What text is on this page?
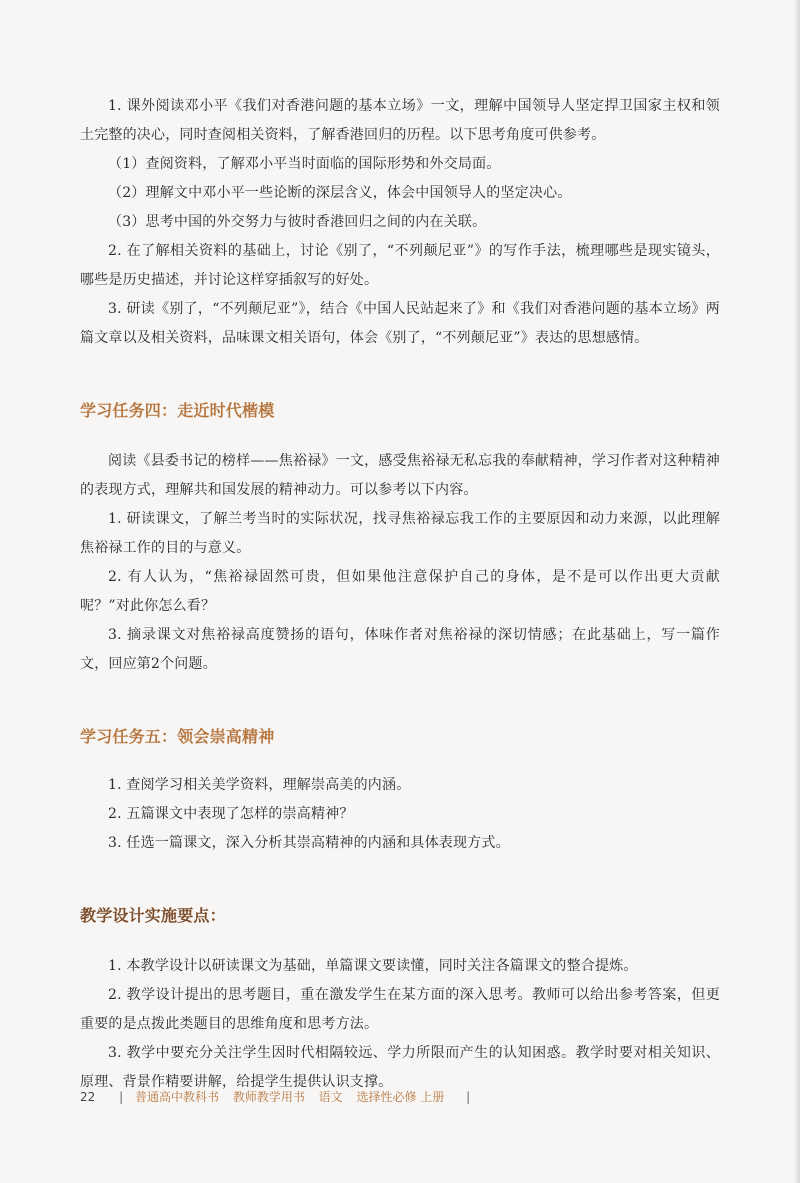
1. 课外阅读邓小平《我们对香港问题的基本立场》一文，理解中国领导人坚定捍卫国家主权和领土完整的决心，同时查阅相关资料，了解香港回归的历程。以下思考角度可供参考。

（1）查阅资料，了解邓小平当时面临的国际形势和外交局面。

（2）理解文中邓小平一些论断的深层含义，体会中国领导人的坚定决心。

（3）思考中国的外交努力与彼时香港回归之间的内在关联。

2. 在了解相关资料的基础上，讨论《别了，“不列颠尼亚”》的写作手法，梳理哪些是现实镜头，哪些是历史描述，并讨论这样穿插叙写的好处。

3. 研读《别了，“不列颠尼亚”》，结合《中国人民站起来了》和《我们对香港问题的基本立场》两篇文章以及相关资料，品味课文相关语句，体会《别了，“不列颠尼亚”》表达的思想感情。

学习任务四：走近时代楷模

阅读《县委书记的榜样——焦裕禄》一文，感受焦裕禄无私忘我的奉献精神，学习作者对这种精神的表现方式，理解共和国发展的精神动力。可以参考以下内容。

1. 研读课文，了解兰考当时的实际状况，找寻焦裕禄忘我工作的主要原因和动力来源，以此理解焦裕禄工作的目的与意义。

2. 有人认为，“焦裕禄固然可贵，但如果他注意保护自己的身体，是不是可以作出更大贡献呢？”对此你怎么看？

3. 摘录课文对焦裕禄高度赞扬的语句，体味作者对焦裕禄的深切情感；在此基础上，写一篇作文，回应第2个问题。

学习任务五：领会崇高精神

1. 查阅学习相关美学资料，理解崇高美的内涵。

2. 五篇课文中表现了怎样的崇高精神？

3. 任选一篇课文，深入分析其崇高精神的内涵和具体表现方式。

教学设计实施要点：

1. 本教学设计以研读课文为基础，单篇课文要读懂，同时关注各篇课文的整合提炼。

2. 教学设计提出的思考题目，重在激发学生在某方面的深入思考。教师可以给出参考答案，但更重要的是点拨此类题目的思维角度和思考方法。

3. 教学中要充分关注学生因时代相隔较远、学力所限而产生的认知困惑。教学时要对相关知识、原理、背景作精要讲解，给提学生提供认识支撑。

22 | 普通高中教科书 教师教学用书 语文 选择性必修 上册 |
